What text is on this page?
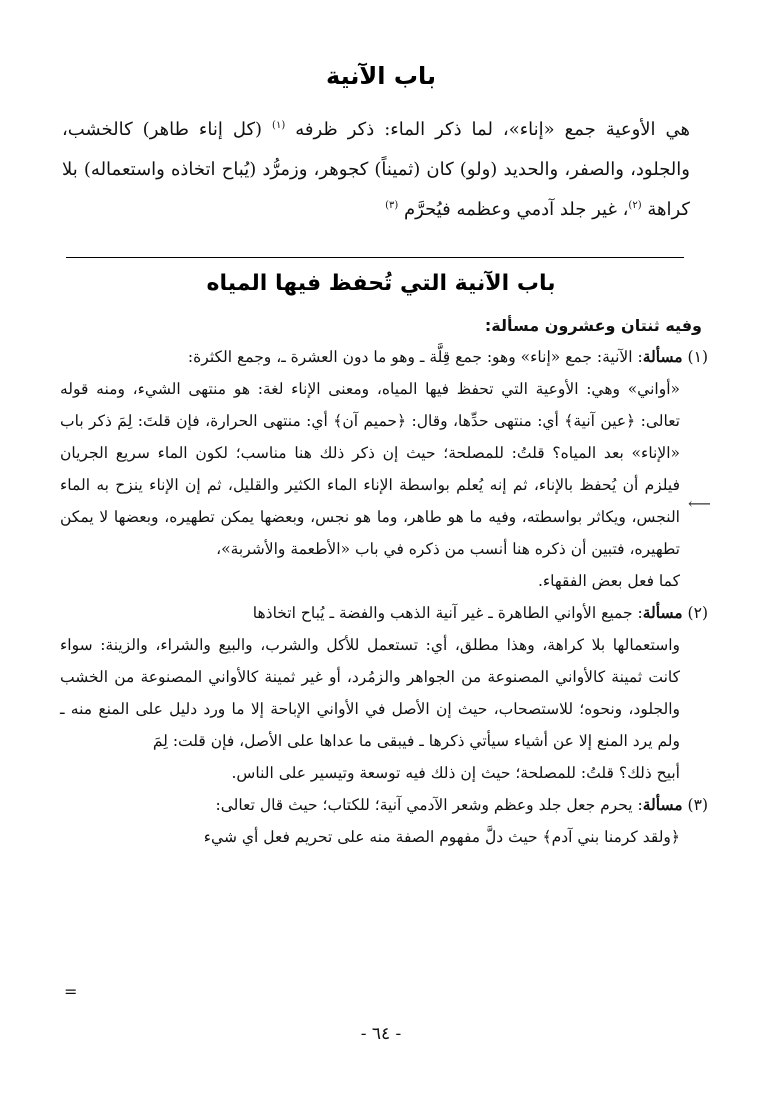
باب الآنية
هي الأوعية جمع «إناء»، لما ذكر الماء: ذكر ظرفه $^{(١)}$ (كل إناء طاهر) كالخشب، والجلود، والصفر، والحديد (ولو) كان (ثميناً) كجوهر، وزمرُّد (يُباح اتخاذه واستعماله) بلا كراهة $^{(٢)}$، غير جلد آدمي وعظمه فيُحرَّم $^{(٣)}$
باب الآنية التي تُحفظ فيها المياه
وفيه ثنتان وعشرون مسألة:

(١) مسألة: الآنية: جمع «إناء» وهو: جمع قِلَّة ـ وهو ما دون العشرة ـ، وجمع الكثرة:
«أواني» وهي: الأوعية التي تحفظ فيها المياه، ومعنى الإناء لغة: هو منتهى الشيء، ومنه قوله تعالى: ﴿عين آنية﴾ أي: منتهى حدِّها، وقال: ﴿حميم آن﴾ أي: منتهى الحرارة، فإن قلتَ: لِمَ ذكر باب «الإناء» بعد المياه؟ قلتُ: للمصلحة؛ حيث إن ذكر ذلك هنا مناسب؛ لكون الماء سريع الجريان فيلزم أن يُحفظ بالإناء، ثم إنه يُعلم بواسطة الإناء الماء الكثير والقليل، ثم إن الإناء ينزح به الماء النجس، ويكاثر بواسطته، وفيه ما هو طاهر، وما هو نجس، وبعضها يمكن تطهيره، وبعضها لا يمكن تطهيره، فتبين أن ذكره هنا أنسب من ذكره في باب «الأطعمة والأشربة»،
كما فعل بعض الفقهاء.

(٢) مسألة: جميع الأواني الطاهرة ـ غير آنية الذهب والفضة ـ يُباح اتخاذها
واستعمالها بلا كراهة، وهذا مطلق، أي: تستعمل للأكل والشرب، والبيع والشراء، والزينة: سواء كانت ثمينة كالأواني المصنوعة من الجواهر والزمُرد، أو غير ثمينة كالأواني المصنوعة من الخشب والجلود، ونحوه؛ للاستصحاب، حيث إن الأصل في الأواني الإباحة إلا ما ورد دليل على المنع منه ـ ولم يرد المنع إلا عن أشياء سيأتي ذكرها ـ فيبقى ما عداها على الأصل، فإن قلت: لِمَ
أبيح ذلك؟ قلتُ: للمصلحة؛ حيث إن ذلك فيه توسعة وتيسير على الناس.

(٣) مسألة: يحرم جعل جلد وعظم وشعر الآدمي آنية؛ للكتاب؛ حيث قال تعالى:
﴿ولقد كرمنا بني آدم﴾ حيث دلَّ مفهوم الصفة منه على تحريم فعل أي شيء

⟵
=
- ٦٤ -
